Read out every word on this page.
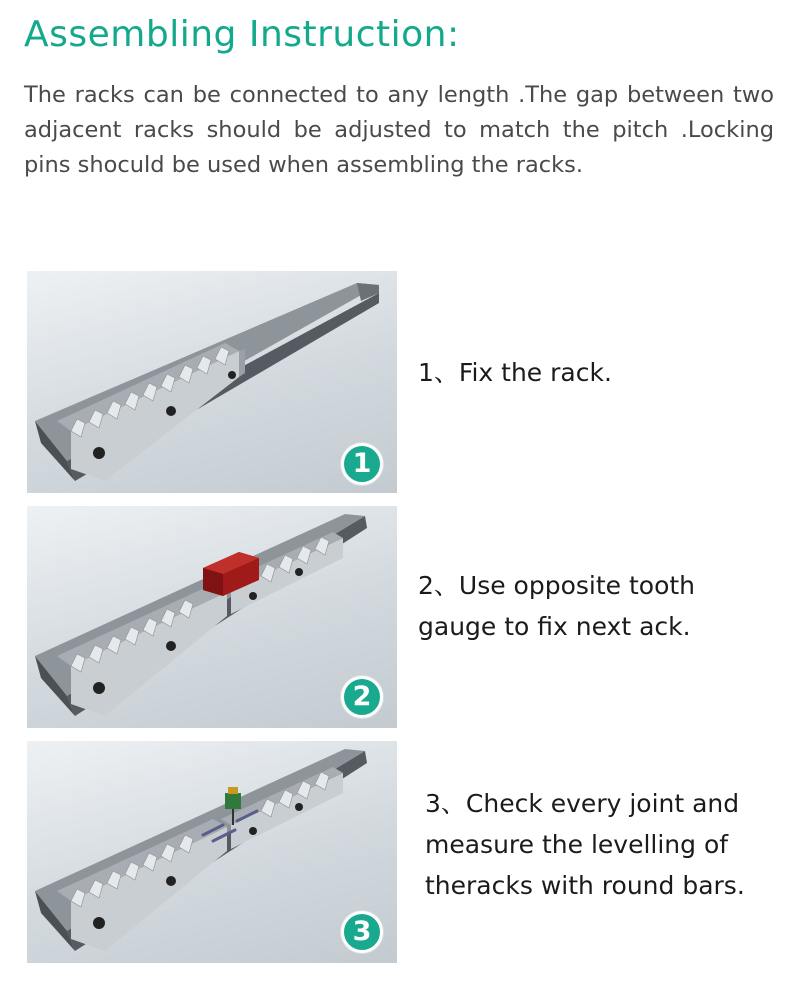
Assembling Instruction:
The racks can be connected to any length .The gap between two adjacent racks should be adjusted to match the pitch .Locking pins shoculd be used when assembling the racks.
1
2
3
1、Fix the rack.
2、Use opposite tooth
gauge to fix next ack.
3、Check every joint and
measure the levelling of
theracks with round bars.
